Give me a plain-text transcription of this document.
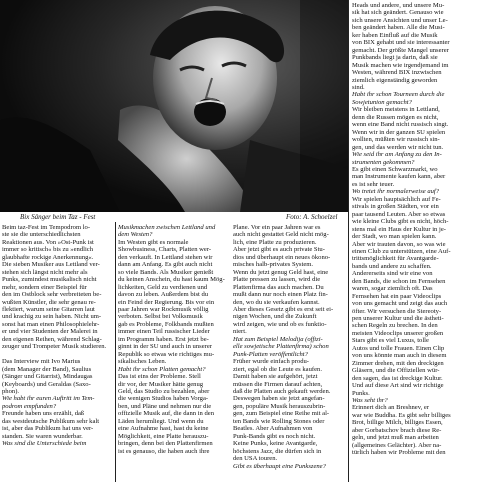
Bix Sänger beim Taz - Fest	Foto: A. Schoelzel
Beim taz-Fest im Tempodrom lo-
ste sie die unterschiedlichsten
Reaktionen aus. Von »Ost-Punk ist
immer so kritisch« bis zu »endlich
glaubhafte rockige Anerkennung«.
Die sieben Musiker aus Lettland ver-
stehen sich längst nicht mehr als
Punks, zumindest musikalisch nicht
mehr, sondern einer Beispiel für
den im Ostblock sehr verbreiteten be-
wußten Künstler, die sehr genau re-
flektiert, warum seine Gitarren laut
und krachig zu sein haben. Nicht um-
sonst hat man einen Philosophielehr-
er und vier Studenten der Malerei in
den eigenen Reihen, während Schlag-
zeuger und Trompeter Musik studieren.

Das Interview mit Ivo Marius
(dem Manager der Band), Saulius
(Sänger und Gitarrist), Mindaugas
(Keyboards) und Geraldas (Saxo-
phon).
Wie habt ihr euren Auftritt im Tem-
podrom empfunden?
Freunde haben uns erzählt, daß
das westdeutsche Publikum sehr kalt
ist, aber das Publikum hat uns ver-
standen. Sie waren wunderbar.
Was sind die Unterschiede beim
Musikmachen zwischen Lettland und
dem Westen?
Im Westen gibt es normale
Showbusiness, Charts, Platten wer-
den verkauft. In Lettland stehen wir
dann am Anfang. Es gibt auch nicht
so viele Bands. Als Musiker genießt
du keinen Anschein, du hast kaum Mög-
lichkeiten, Geld zu verdienen und
davon zu leben. Außerdem bist du
ein Feind der Regierung. Bis vor ein
paar Jahren war Rockmusik völlig
verboten. Selbst bei Volksmusik
gab es Probleme, Folkbands mußten
immer einen Teil russischer Lieder
im Programm haben. Erst jetzt be-
ginnt in der SU und auch in unserer
Republik so etwas wie richtiges mu-
sikalisches Leben.
Habt ihr schon Platten gemacht?
Das ist eins der Probleme. Stell
dir vor, der Musiker hätte genug
Geld, das Studio zu bezahlen, aber
die wenigen Studios haben Vorga-
ben, und Pläne und nehmen nur die
offizielle Musik auf, die dann in den
Läden herumliegt. Und wenn du
eine Aufnahme hast, hast du keine
Möglichkeit, eine Platte herauszu-
bringen, denn bei den Plattenfirmen
ist es genauso, die haben auch ihre
Plane. Vor ein paar Jahren war es
auch nicht gestattet Geld nicht mög-
lich, eine Platte zu produzieren.
Aber jetzt gibt es auch private Stu-
dios und überhaupt ein neues ökono-
misches halb-privates System.
Wenn du jetzt genug Geld hast, eine
Platte pressen zu lassen, wird die
Plattenfirma das auch machen. Du
mußt dann nur noch einen Platz fin-
den, wo du sie verkaufen kannst.
Aber dieses Gesetz gibt es erst seit ei-
nigen Wochen, und die Zukunft
wird zeigen, wie und ob es funktio-
niert.
Hat zum Beispiel Melodija (offizi-
elle sowjetische Plattenfirma) schon
Punk-Platten veröffentlicht?
Früher wurde einfach produ-
ziert, egal ob die Leute es kaufen.
Damit haben sie aufgehört, jetzt
müssen die Firmen darauf achten,
daß die Platten auch gekauft werden.
Deswegen haben sie jetzt angefan-
gen, populäre Musik herauszubrin-
gen, zum Beispiel eine Reihe mit al-
ten Bands wie Rolling Stones oder
Beatles. Aber Aufnahmen von
Punk-Bands gibt es noch nicht.
Keine Punks, keine Avantgarde,
höchstens Jazz, die dürfen sich in
den USA touren.
Gibt es überhaupt eine Punkszene?
Heads und andere, und unsere Mu-
sik hat sich geändert. Genauso wie
sich unsere Ansichten und unser Le-
ben geändert haben. Alle die Musi-
ker haben Einfluß auf die Musik
von BIX gehabt und sie interessanter
gemacht. Der größte Mangel unserer
Punkbands liegt ja darin, daß sie
Musik machen wie irgendjemand im
Westen, während BIX inzwischen
ziemlich eigenständig geworden
sind.
Habt ihr schon Tourneen durch die
Sowjetunion gemacht?
Wir bleiben meistens in Lettland,
denn die Russen mögen es nicht,
wenn eine Band nicht russisch singt.
Wenn wir in der ganzen SU spielen
wollten, müßten wir russisch sin-
gen, und das werden wir nicht tun.
Wie seid ihr am Anfang zu den In-
strumenten gekommen?
Es gibt einen Schwarzmarkt, wo
man Instrumente kaufen kann, aber
es ist sehr teuer.
Wo tretet ihr normalerweise auf?
Wir spielen hauptsächlich auf Fe-
stivals in großen Städten, vor ein
paar tausend Leuten. Aber so etwas
wie kleine Clubs gibt es nicht, höch-
stens mal ein Haus der Kultur in je-
der Stadt, wo man spielen kann.
Aber wir trauten davon, so was wie
einen Club zu unterstützen, eine Auf-
trittsmöglichkeit für Avantgarde-
bands und andere zu schaffen.
Andererseits sind wir eine von
den Bands, die schon im Fernsehen
waren, sogar ziemlich oft. Das
Fernsehen hat ein paar Videoclips
von uns gemacht und zeigt das auch
öfter. Wir versuchen die Stereoty-
pen unserer Kultur und die ästheti-
schen Regeln zu brechen. In den
meisten Videoclips unserer großen
Stars gibt es viel Luxus, tolle
Autos und tolle Frauen. Einen Clip
von uns könnte man auch in diesem
Zimmer drehen, mit den dreckigen
Gläsern, und die Offiziellen wür-
den sagen, das ist dreckige Kultur.
Und auf diese Art sind wir richtige
Punks.
Was seht ihr?
Erinnert dich an Breshnev, er
war wie Buddha. Es gibt sehr billiges
Brot, billige Milch, billiges Essen,
aber Gorbatschov brach diese Re-
geln, und jetzt muß man arbeiten
(allgemeines Gelächter). Aber na-
türlich haben wir Probleme mit den
